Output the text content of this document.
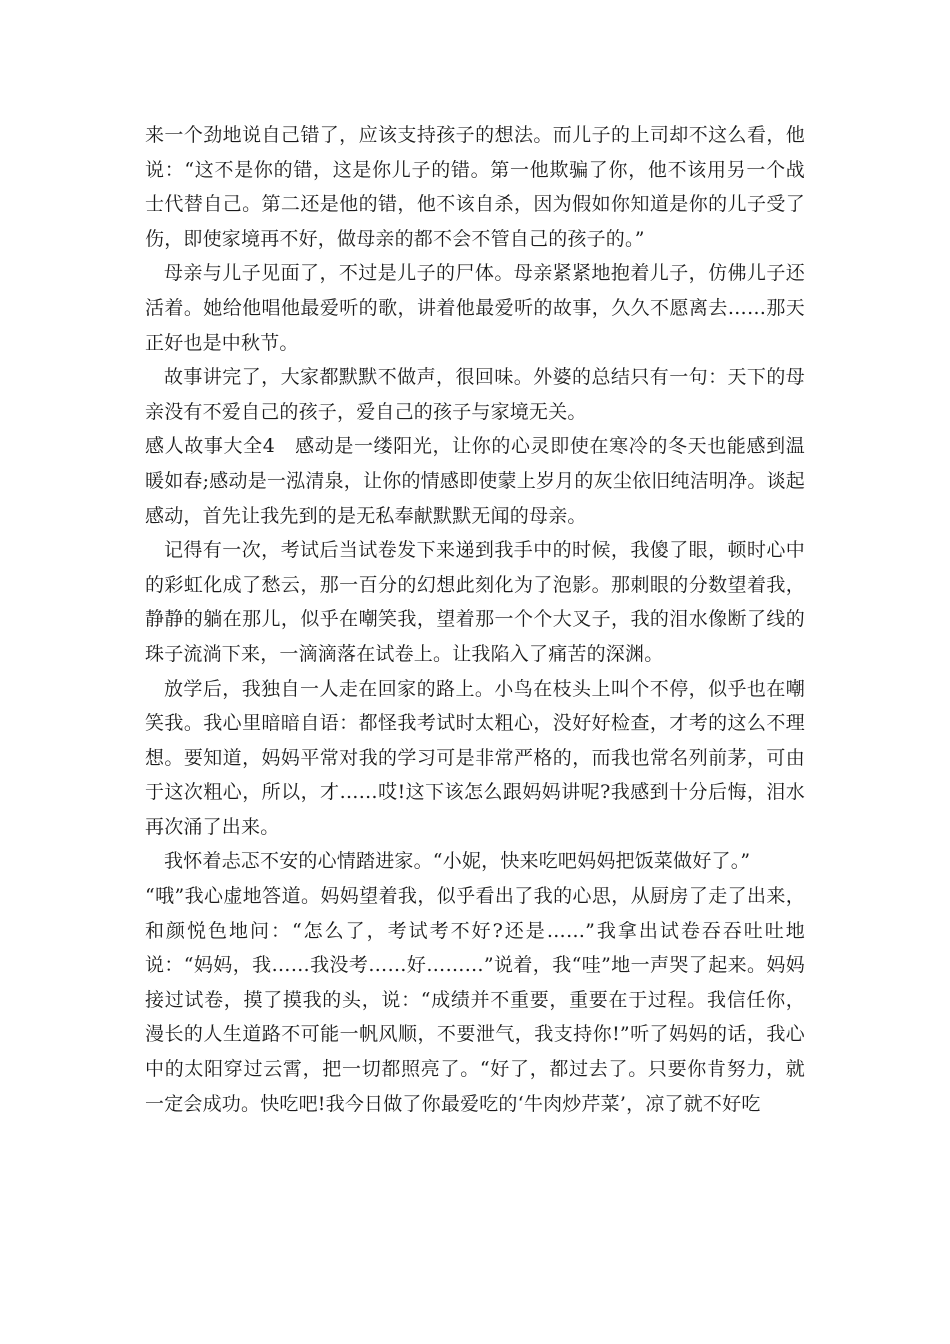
来一个劲地说自己错了，应该支持孩子的想法。而儿子的上司却不这么看，他说：“这不是你的错，这是你儿子的错。第一他欺骗了你，他不该用另一个战士代替自己。第二还是他的错，他不该自杀，因为假如你知道是你的儿子受了伤，即使家境再不好，做母亲的都不会不管自己的孩子的。”

母亲与儿子见面了，不过是儿子的尸体。母亲紧紧地抱着儿子，仿佛儿子还活着。她给他唱他最爱听的歌，讲着他最爱听的故事，久久不愿离去……那天正好也是中秋节。

故事讲完了，大家都默默不做声，很回味。外婆的总结只有一句：天下的母亲没有不爱自己的孩子，爱自己的孩子与家境无关。

感人故事大全4　感动是一缕阳光，让你的心灵即使在寒冷的冬天也能感到温暖如春;感动是一泓清泉，让你的情感即使蒙上岁月的灰尘依旧纯洁明净。谈起感动，首先让我先到的是无私奉献默默无闻的母亲。

记得有一次，考试后当试卷发下来递到我手中的时候，我傻了眼，顿时心中的彩虹化成了愁云，那一百分的幻想此刻化为了泡影。那刺眼的分数望着我，静静的躺在那儿，似乎在嘲笑我，望着那一个个大叉子，我的泪水像断了线的珠子流淌下来，一滴滴落在试卷上。让我陷入了痛苦的深渊。

放学后，我独自一人走在回家的路上。小鸟在枝头上叫个不停，似乎也在嘲笑我。我心里暗暗自语：都怪我考试时太粗心，没好好检查，才考的这么不理想。要知道，妈妈平常对我的学习可是非常严格的，而我也常名列前茅，可由于这次粗心，所以，才……哎!这下该怎么跟妈妈讲呢?我感到十分后悔，泪水再次涌了出来。

我怀着忐忑不安的心情踏进家。“小妮，快来吃吧妈妈把饭菜做好了。”

“哦”我心虚地答道。妈妈望着我，似乎看出了我的心思，从厨房了走了出来，和颜悦色地问：“怎么了，考试考不好?还是……”我拿出试卷吞吞吐吐地说：“妈妈，我……我没考……好………”说着，我“哇”地一声哭了起来。妈妈接过试卷，摸了摸我的头，说：“成绩并不重要，重要在于过程。我信任你，漫长的人生道路不可能一帆风顺，不要泄气，我支持你!”听了妈妈的话，我心中的太阳穿过云霄，把一切都照亮了。“好了，都过去了。只要你肯努力，就一定会成功。快吃吧!我今日做了你最爱吃的‘牛肉炒芹菜’，凉了就不好吃
